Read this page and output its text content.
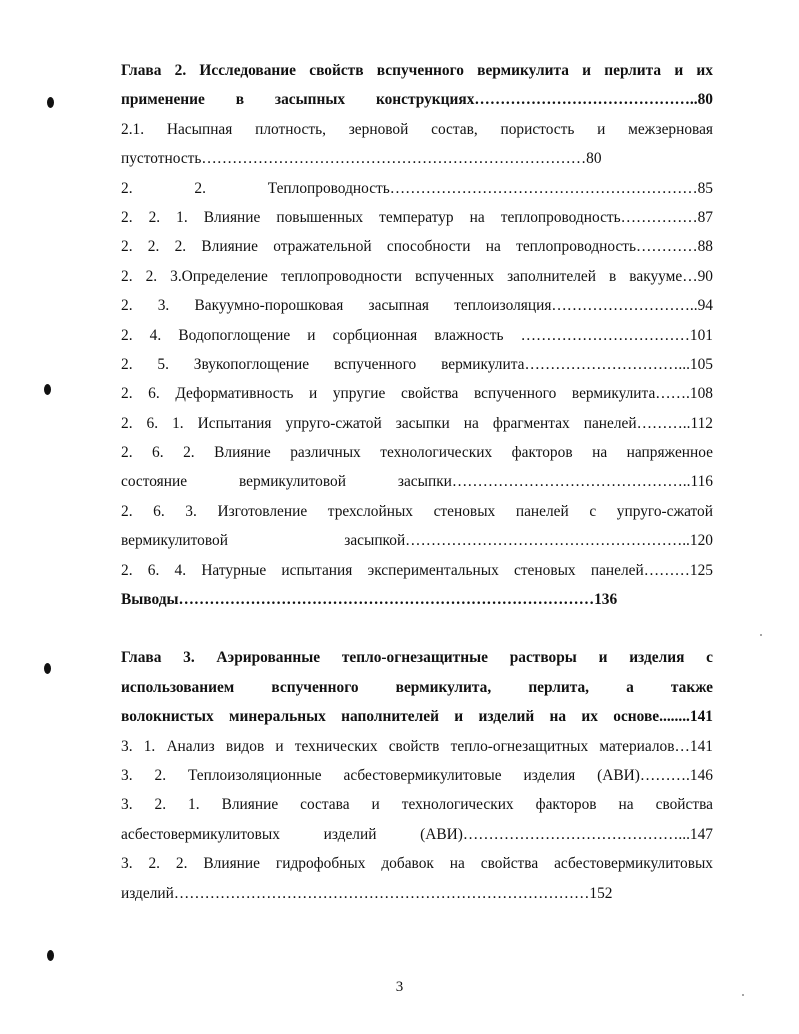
Глава 2. Исследование свойств вспученного вермикулита и перлита и их
применение в засыпных конструкциях……………………………………..80
2.1. Насыпная плотность, зерновой состав, пористость и межзерновая
пустотность…………………………………………………………………80
2. 2. Теплопроводность……………………………………………………85
2. 2. 1. Влияние повышенных температур на теплопроводность……………87
2. 2. 2. Влияние отражательной способности на теплопроводность…………88
2. 2. 3.Определение теплопроводности вспученных заполнителей в вакууме…90
2. 3. Вакуумно-порошковая засыпная теплоизоляция………………………..94
2. 4. Водопоглощение и сорбционная влажность ……………………………101
2. 5. Звукопоглощение вспученного вермикулита…………………………...105
2. 6. Деформативность и упругие свойства вспученного вермикулита…….108
2. 6. 1. Испытания упруго-сжатой засыпки на фрагментах панелей………..112
2. 6. 2. Влияние различных технологических факторов на напряженное
состояние вермикулитовой засыпки………………………………………..116
2. 6. 3. Изготовление трехслойных стеновых панелей с упруго-сжатой
вермикулитовой засыпкой………………………………………………..120
2. 6. 4. Натурные испытания экспериментальных стеновых панелей………125
Выводы………………………………………………………………………136
Глава 3. Аэрированные тепло-огнезащитные растворы и изделия с
использованием вспученного вермикулита, перлита, а также
волокнистых минеральных наполнителей и изделий на их основе........141
3. 1. Анализ видов и технических свойств тепло-огнезащитных материалов…141
3. 2. Теплоизоляционные асбестовермикулитовые изделия (АВИ)……….146
3. 2. 1. Влияние состава и технологических факторов на свойства
асбестовермикулитовых изделий (АВИ)……………………………………...147
3. 2. 2. Влияние гидрофобных добавок на свойства асбестовермикулитовых
изделий………………………………………………………………………152
3
